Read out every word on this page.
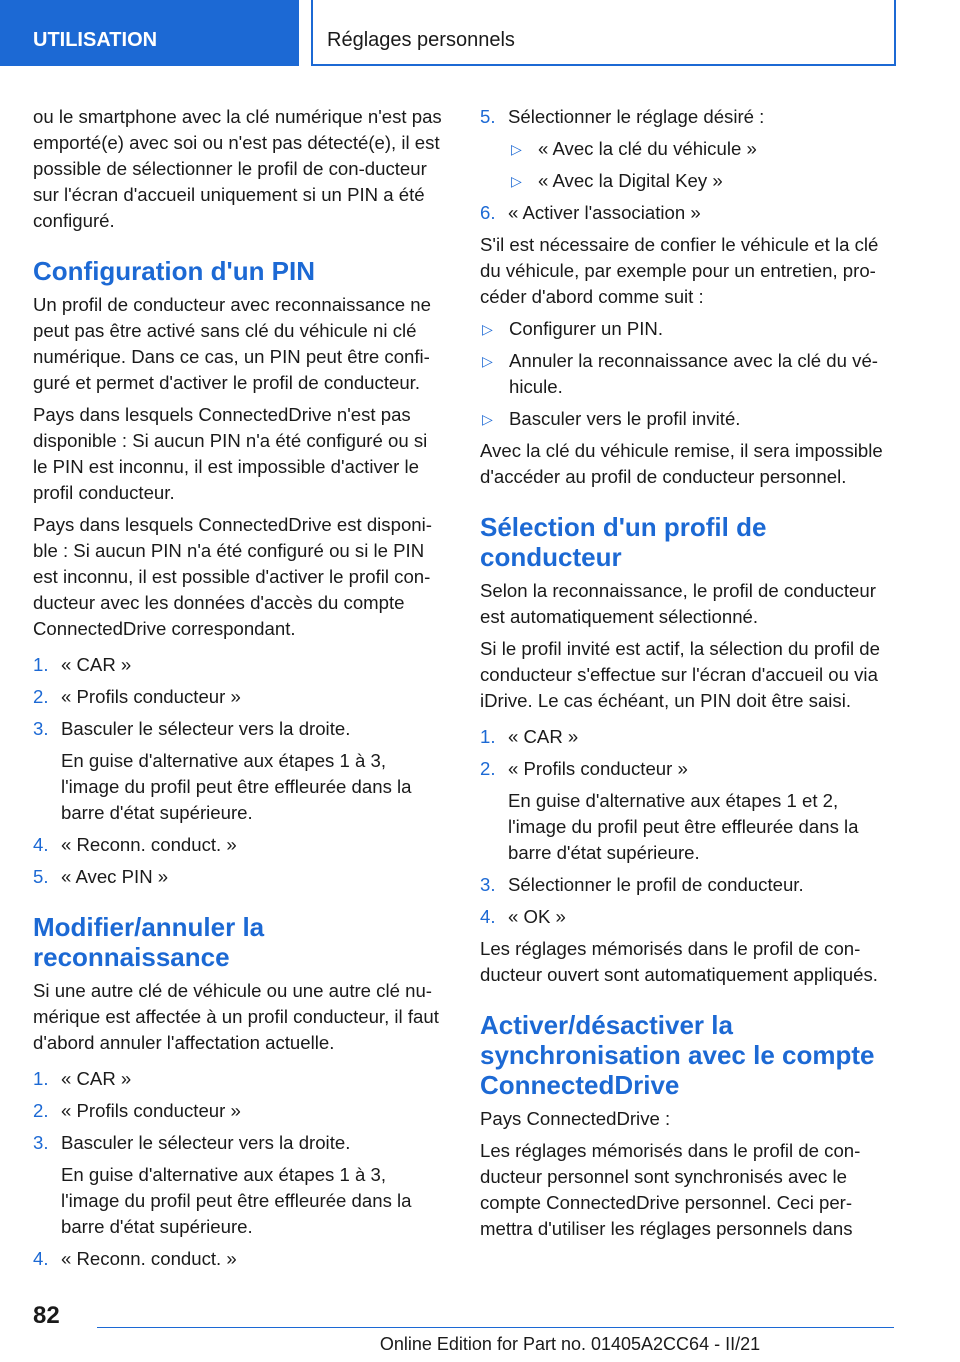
UTILISATION	Réglages personnels

ou le smartphone avec la clé numérique n'est pas emporté(e) avec soi ou n'est pas détecté(e), il est possible de sélectionner le profil de con-ducteur sur l'écran d'accueil uniquement si un PIN a été configuré.

Configuration d'un PIN

Un profil de conducteur avec reconnaissance ne peut pas être activé sans clé du véhicule ni clé numérique. Dans ce cas, un PIN peut être confi-guré et permet d'activer le profil de conducteur.

Pays dans lesquels ConnectedDrive n'est pas disponible : Si aucun PIN n'a été configuré ou si le PIN est inconnu, il est impossible d'activer le profil conducteur.

Pays dans lesquels ConnectedDrive est disponi-ble : Si aucun PIN n'a été configuré ou si le PIN est inconnu, il est possible d'activer le profil con-ducteur avec les données d'accès du compte ConnectedDrive correspondant.

1. « CAR »
2. « Profils conducteur »
3. Basculer le sélecteur vers la droite.
En guise d'alternative aux étapes 1 à 3, l'image du profil peut être effleurée dans la barre d'état supérieure.
4. « Reconn. conduct. »
5. « Avec PIN »
Modifier/annuler la reconnaissance

Si une autre clé de véhicule ou une autre clé nu-mérique est affectée à un profil conducteur, il faut d'abord annuler l'affectation actuelle.

1. « CAR »
2. « Profils conducteur »
3. Basculer le sélecteur vers la droite.
En guise d'alternative aux étapes 1 à 3, l'image du profil peut être effleurée dans la barre d'état supérieure.
4. « Reconn. conduct. »
5. Sélectionner le réglage désiré :
▷ « Avec la clé du véhicule »
▷ « Avec la Digital Key »
6. « Activer l'association »

S'il est nécessaire de confier le véhicule et la clé du véhicule, par exemple pour un entretien, pro-céder d'abord comme suit :

▷ Configurer un PIN.
▷ Annuler la reconnaissance avec la clé du vé-hicule.
▷ Basculer vers le profil invité.

Avec la clé du véhicule remise, il sera impossible d'accéder au profil de conducteur personnel.

Sélection d'un profil de conducteur

Selon la reconnaissance, le profil de conducteur est automatiquement sélectionné.

Si le profil invité est actif, la sélection du profil de conducteur s'effectue sur l'écran d'accueil ou via iDrive. Le cas échéant, un PIN doit être saisi.

1. « CAR »
2. « Profils conducteur »
En guise d'alternative aux étapes 1 et 2, l'image du profil peut être effleurée dans la barre d'état supérieure.
3. Sélectionner le profil de conducteur.
4. « OK »

Les réglages mémorisés dans le profil de con-ducteur ouvert sont automatiquement appliqués.

Activer/désactiver la synchronisation avec le compte ConnectedDrive

Pays ConnectedDrive :

Les réglages mémorisés dans le profil de con-ducteur personnel sont synchronisés avec le compte ConnectedDrive personnel. Ceci per-mettra d'utiliser les réglages personnels dans

82
Online Edition for Part no. 01405A2CC64 - II/21
